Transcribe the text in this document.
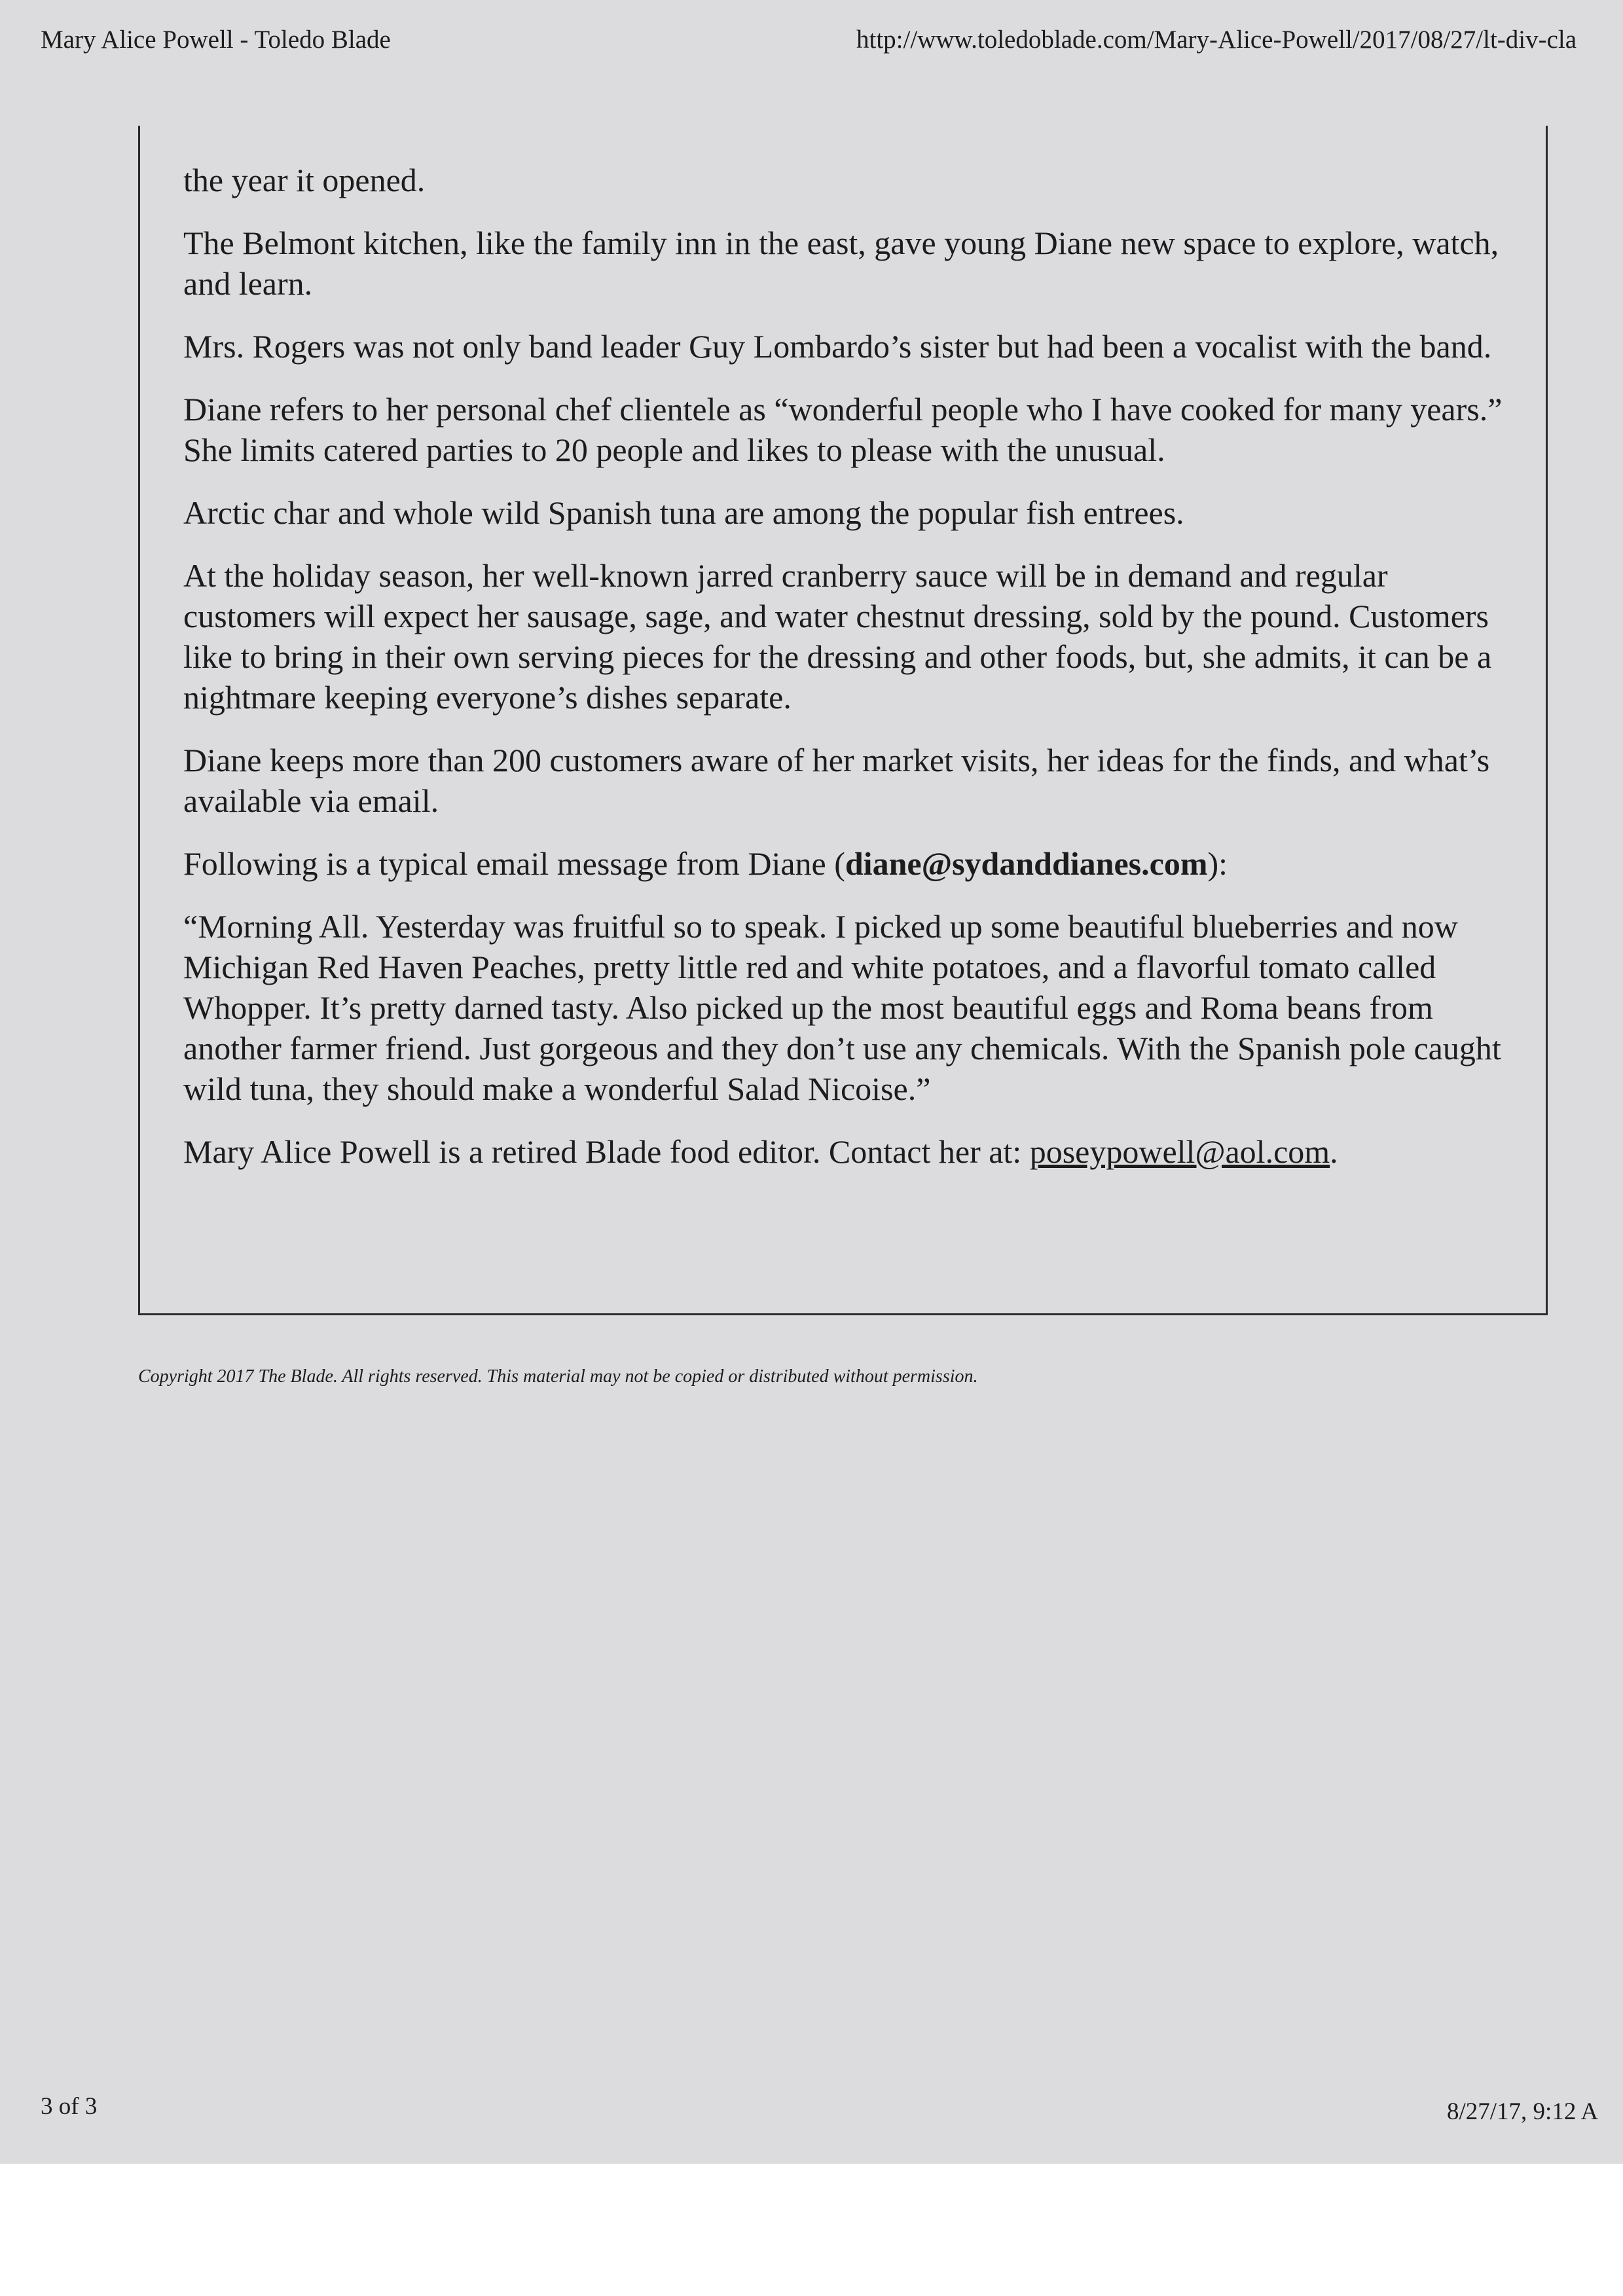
Mary Alice Powell - Toledo Blade	http://www.toledoblade.com/Mary-Alice-Powell/2017/08/27/lt-div-cla

the year it opened.

The Belmont kitchen, like the family inn in the east, gave young Diane new space to explore, watch, and learn.

Mrs. Rogers was not only band leader Guy Lombardo’s sister but had been a vocalist with the band.

Diane refers to her personal chef clientele as “wonderful people who I have cooked for many years.” She limits catered parties to 20 people and likes to please with the unusual.

Arctic char and whole wild Spanish tuna are among the popular fish entrees.

At the holiday season, her well-known jarred cranberry sauce will be in demand and regular customers will expect her sausage, sage, and water chestnut dressing, sold by the pound. Customers like to bring in their own serving pieces for the dressing and other foods, but, she admits, it can be a nightmare keeping everyone’s dishes separate.

Diane keeps more than 200 customers aware of her market visits, her ideas for the finds, and what’s available via email.

Following is a typical email message from Diane (diane@sydanddianes.com):

“Morning All. Yesterday was fruitful so to speak. I picked up some beautiful blueberries and now Michigan Red Haven Peaches, pretty little red and white potatoes, and a flavorful tomato called Whopper. It’s pretty darned tasty. Also picked up the most beautiful eggs and Roma beans from another farmer friend. Just gorgeous and they don’t use any chemicals. With the Spanish pole caught wild tuna, they should make a wonderful Salad Nicoise.”

Mary Alice Powell is a retired Blade food editor. Contact her at: poseypowell@aol.com.

Copyright 2017 The Blade. All rights reserved. This material may not be copied or distributed without permission.
3 of 3	8/27/17, 9:12 A
